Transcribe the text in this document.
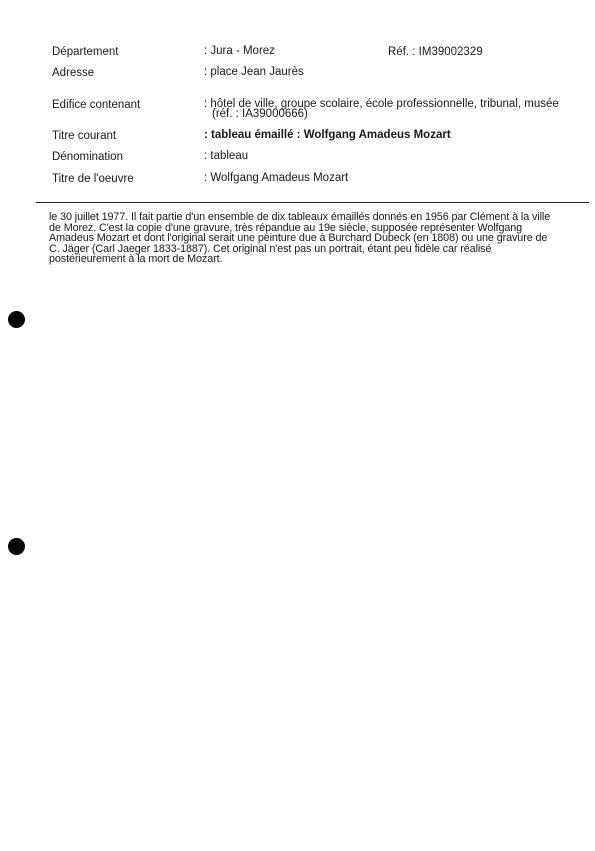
Département	: Jura - Morez	Réf. : IM39002329
Adresse	: place Jean Jaurès
Edifice contenant	: hôtel de ville, groupe scolaire, école professionnelle, tribunal, musée
(réf. : IA39000666)
Titre courant	: tableau émaillé : Wolfgang Amadeus Mozart
Dénomination	: tableau
Titre de l'oeuvre	: Wolfgang Amadeus Mozart
le 30 juillet 1977. Il fait partie d'un ensemble de dix tableaux émaillés donnés en 1956 par Clément à la ville
de Morez. C'est la copie d'une gravure, très répandue au 19e siècle, supposée représenter Wolfgang
Amadeus Mozart et dont l'original serait une peinture due à Burchard Dubeck (en 1808) ou une gravure de
C. Jäger (Carl Jaeger 1833-1887). Cet original n'est pas un portrait, étant peu fidèle car réalisé
postérieurement à la mort de Mozart.
